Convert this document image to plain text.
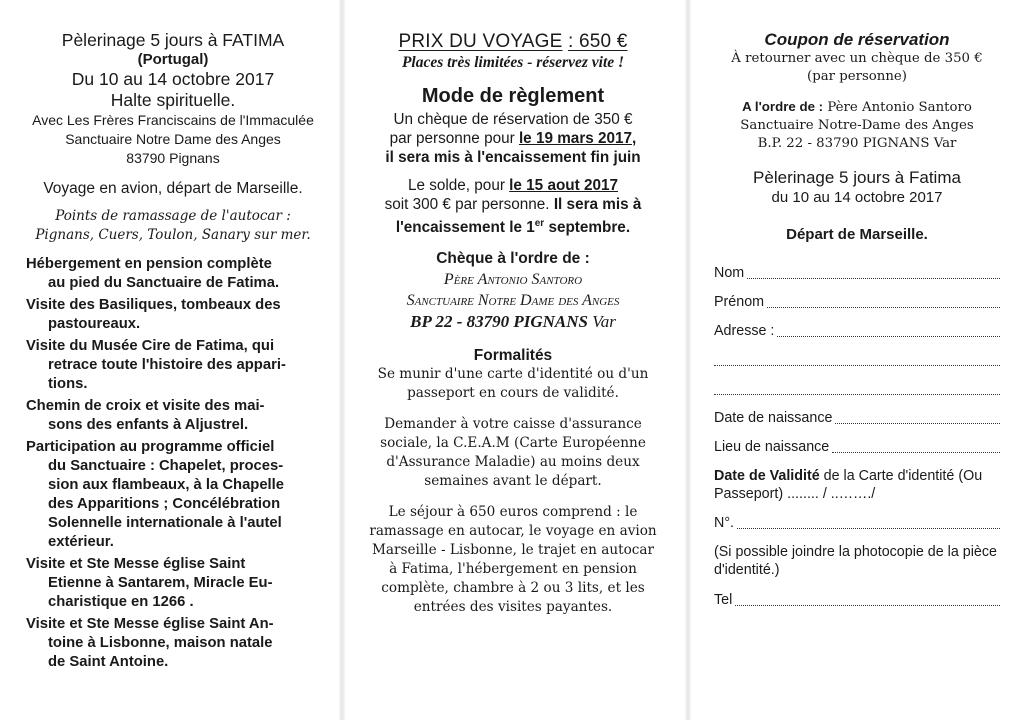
Pèlerinage 5 jours à FATIMA

(Portugal)

Du 10 au 14 octobre 2017

Halte spirituelle.

Avec Les Frères Franciscains de l'Immaculée

Sanctuaire Notre Dame des Anges

83790 Pignans

Voyage en avion, départ de Marseille.

Points de ramassage de l'autocar :

Pignans, Cuers, Toulon, Sanary sur mer.

Hébergement en pension complète
au pied du Sanctuaire de Fatima.
Visite des Basiliques, tombeaux des
pastoureaux.
Visite du Musée Cire de Fatima, qui
retrace toute l'histoire des appari-
tions.
Chemin de croix et visite des mai-
sons des enfants à Aljustrel.
Participation au programme officiel
du Sanctuaire : Chapelet, proces-
sion aux flambeaux, à la Chapelle
des Apparitions ; Concélébration
Solennelle internationale à l'autel
extérieur.
Visite et Ste Messe église Saint
Etienne à Santarem, Miracle Eu-
charistique en 1266 .
Visite et Ste Messe église Saint An-
toine à Lisbonne, maison natale
de Saint Antoine.

PRIX DU VOYAGE : 650 €

Places très limitées - réservez vite !

Mode de règlement

Un chèque de réservation de 350 €

par personne pour le 19 mars 2017,

il sera mis à l'encaissement fin juin

Le solde, pour le 15 aout 2017

soit 300 € par personne. Il sera mis à

l'encaissement le 1er septembre.

Chèque à l'ordre de :

Père Antonio Santoro

Sanctuaire Notre Dame des Anges

BP 22 - 83790 PIGNANS Var

Formalités

Se munir d'une carte d'identité ou d'un passeport en cours de validité.

Demander à votre caisse d'assurance sociale, la C.E.A.M (Carte Européenne d'Assurance Maladie) au moins deux semaines avant le départ.

Le séjour à 650 euros comprend : le ramassage en autocar, le voyage en avion Marseille - Lisbonne, le trajet en autocar à Fatima, l'hébergement en pension complète, chambre à 2 ou 3 lits, et les entrées des visites payantes.

Coupon de réservation

À retourner avec un chèque de 350 €

(par personne)

A l'ordre de : Père Antonio Santoro

Sanctuaire Notre-Dame des Anges

B.P. 22 - 83790 PIGNANS Var

Pèlerinage 5 jours à Fatima

du 10 au 14 octobre 2017

Départ de Marseille.

Nom
Prénom
Adresse :
Date de naissance
Lieu de naissance
Date de Validité de la Carte d'identité (Ou
Passeport) ........ / ..……./
N°.

(Si possible joindre la photocopie de la pièce d'identité.)

Tel
